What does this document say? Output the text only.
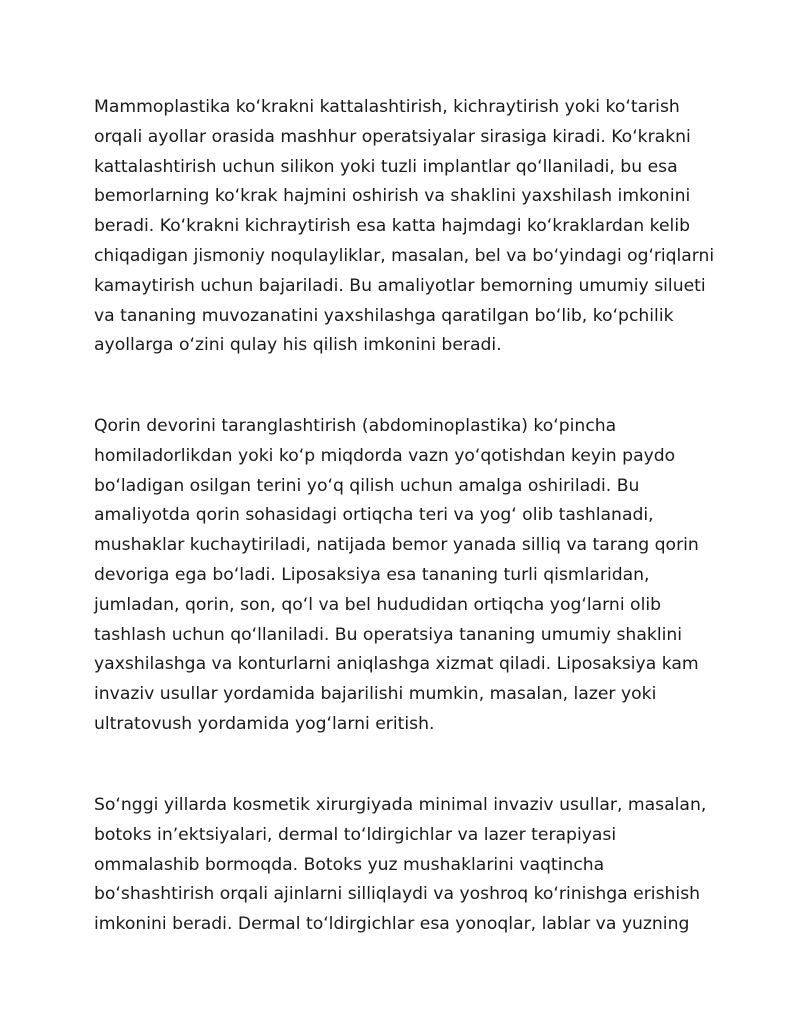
Mammoplastika koʻkrakni kattalashtirish, kichraytirish yoki koʻtarish
orqali ayollar orasida mashhur operatsiyalar sirasiga kiradi. Koʻkrakni
kattalashtirish uchun silikon yoki tuzli implantlar qoʻllaniladi, bu esa
bemorlarning koʻkrak hajmini oshirish va shaklini yaxshilash imkonini
beradi. Koʻkrakni kichraytirish esa katta hajmdagi koʻkraklardan kelib
chiqadigan jismoniy noqulayliklar, masalan, bel va boʻyindagi ogʻriqlarni
kamaytirish uchun bajariladi. Bu amaliyotlar bemorning umumiy silueti
va tananing muvozanatini yaxshilashga qaratilgan boʻlib, koʻpchilik
ayollarga oʻzini qulay his qilish imkonini beradi.

Qorin devorini taranglashtirish (abdominoplastika) koʻpincha
homiladorlikdan yoki koʻp miqdorda vazn yoʻqotishdan keyin paydo
boʻladigan osilgan terini yoʻq qilish uchun amalga oshiriladi. Bu
amaliyotda qorin sohasidagi ortiqcha teri va yogʻ olib tashlanadi,
mushaklar kuchaytiriladi, natijada bemor yanada silliq va tarang qorin
devoriga ega boʻladi. Liposaksiya esa tananing turli qismlaridan,
jumladan, qorin, son, qoʻl va bel hududidan ortiqcha yogʻlarni olib
tashlash uchun qoʻllaniladi. Bu operatsiya tananing umumiy shaklini
yaxshilashga va konturlarni aniqlashga xizmat qiladi. Liposaksiya kam
invaziv usullar yordamida bajarilishi mumkin, masalan, lazer yoki
ultratovush yordamida yogʻlarni eritish.

Soʻnggi yillarda kosmetik xirurgiyada minimal invaziv usullar, masalan,
botoks inʼektsiyalari, dermal toʻldirgichlar va lazer terapiyasi
ommalashib bormoqda. Botoks yuz mushaklarini vaqtincha
boʻshashtirish orqali ajinlarni silliqlaydi va yoshroq koʻrinishga erishish
imkonini beradi. Dermal toʻldirgichlar esa yonoqlar, lablar va yuzning
